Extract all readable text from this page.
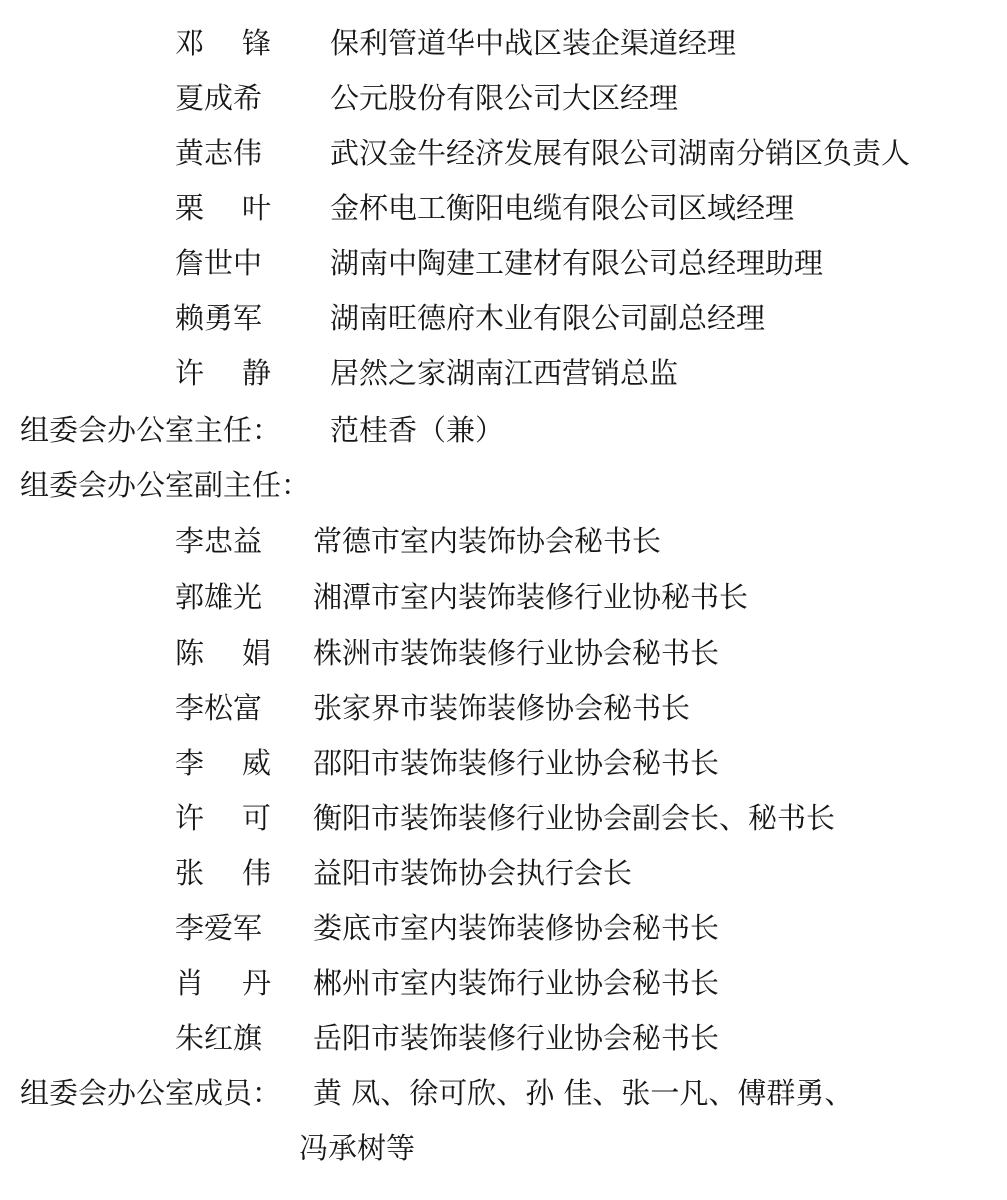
邓 锋 保利管道华中战区装企渠道经理
夏成希 公元股份有限公司大区经理
黄志伟 武汉金牛经济发展有限公司湖南分销区负责人
栗 叶 金杯电工衡阳电缆有限公司区域经理
詹世中 湖南中陶建工建材有限公司总经理助理
赖勇军 湖南旺德府木业有限公司副总经理
许 静 居然之家湖南江西营销总监
组委会办公室主任： 范桂香（兼）
组委会办公室副主任：
李忠益 常德市室内装饰协会秘书长
郭雄光 湘潭市室内装饰装修行业协秘书长
陈 娟 株洲市装饰装修行业协会秘书长
李松富 张家界市装饰装修协会秘书长
李 威 邵阳市装饰装修行业协会秘书长
许 可 衡阳市装饰装修行业协会副会长、秘书长
张 伟 益阳市装饰协会执行会长
李爱军 娄底市室内装饰装修协会秘书长
肖 丹 郴州市室内装饰行业协会秘书长
朱红旗 岳阳市装饰装修行业协会秘书长
组委会办公室成员： 黄 凤、徐可欣、孙 佳、张一凡、傅群勇、
冯承树等
